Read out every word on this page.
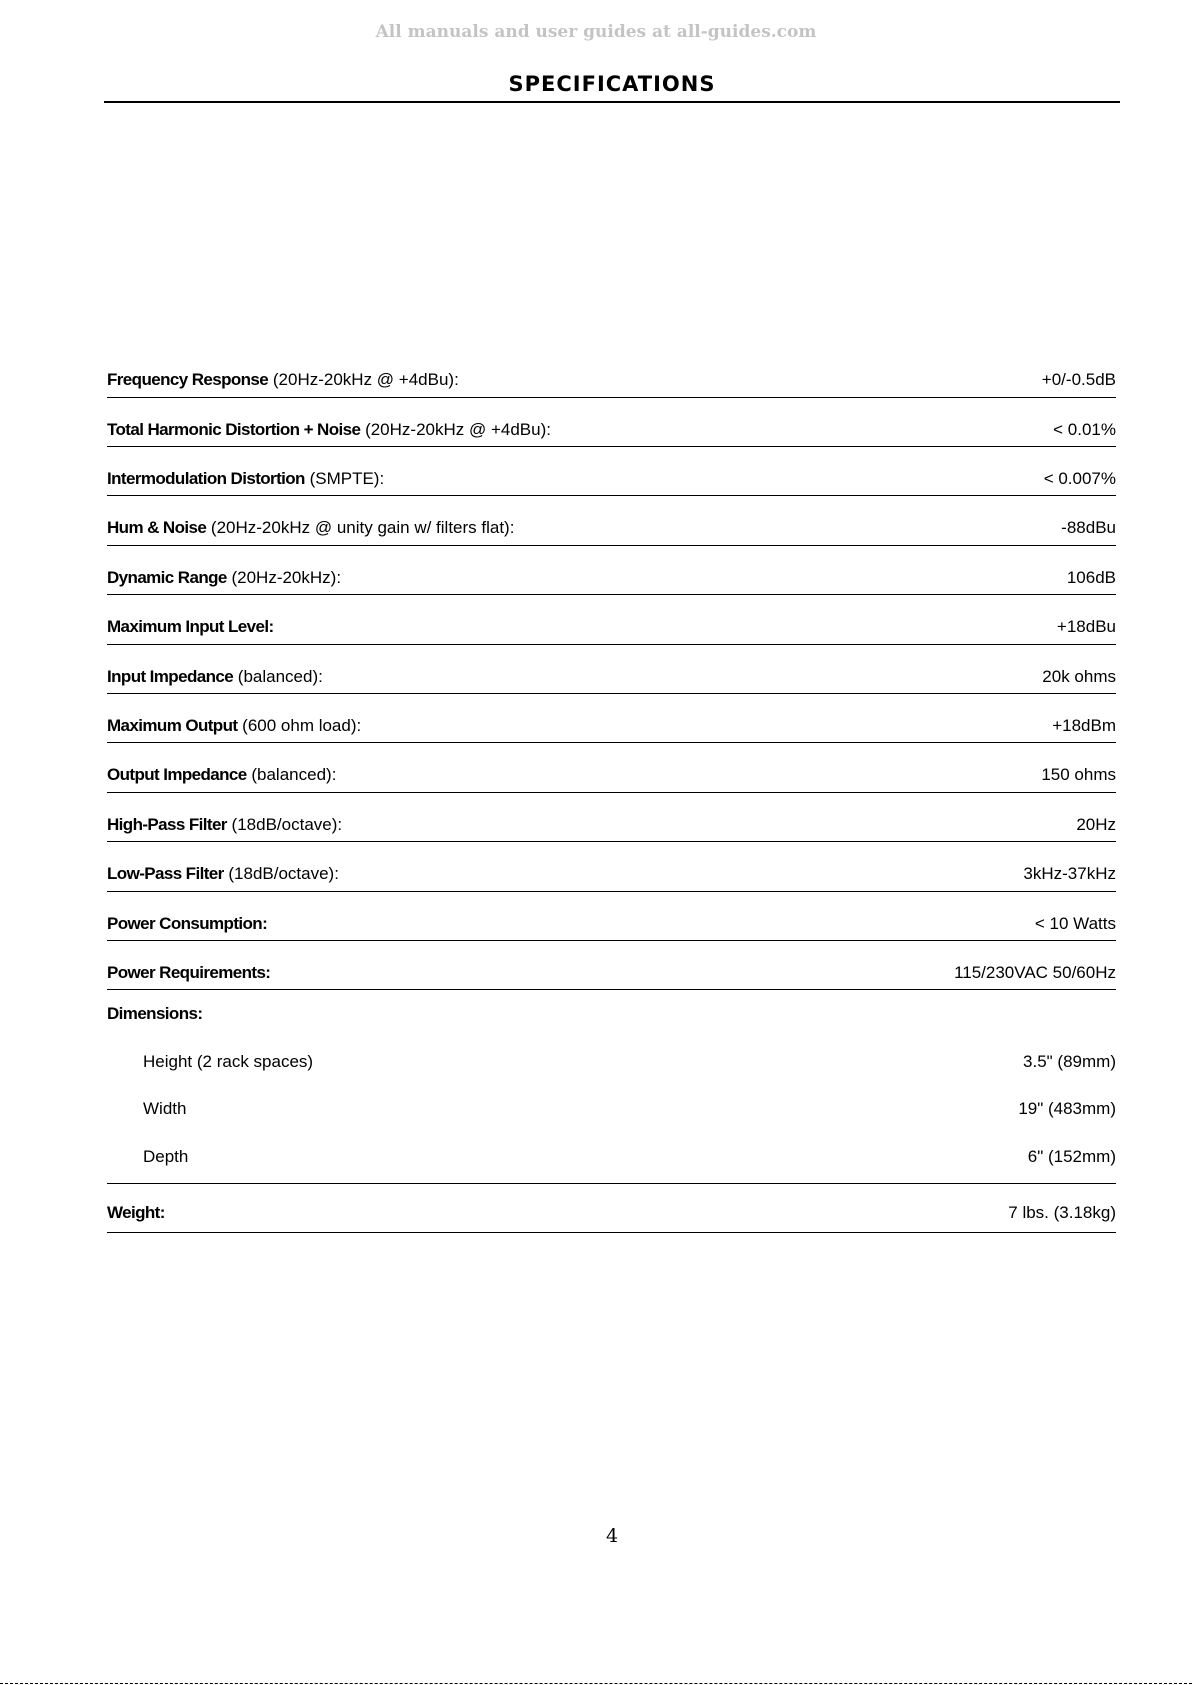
All manuals and user guides at all-guides.com
SPECIFICATIONS
Frequency Response (20Hz-20kHz @ +4dBu):	+0/-0.5dB
Total Harmonic Distortion + Noise (20Hz-20kHz @ +4dBu):	< 0.01%
Intermodulation Distortion (SMPTE):	< 0.007%
Hum & Noise (20Hz-20kHz @ unity gain w/ filters flat):	-88dBu
Dynamic Range (20Hz-20kHz):	106dB
Maximum Input Level:	+18dBu
Input Impedance (balanced):	20k ohms
Maximum Output (600 ohm load):	+18dBm
Output Impedance (balanced):	150 ohms
High-Pass Filter (18dB/octave):	20Hz
Low-Pass Filter (18dB/octave):	3kHz-37kHz
Power Consumption:	< 10 Watts
Power Requirements:	115/230VAC 50/60Hz
Dimensions:
Height (2 rack spaces)	3.5" (89mm)
Width	19" (483mm)
Depth	6" (152mm)
Weight:	7 lbs. (3.18kg)
4
